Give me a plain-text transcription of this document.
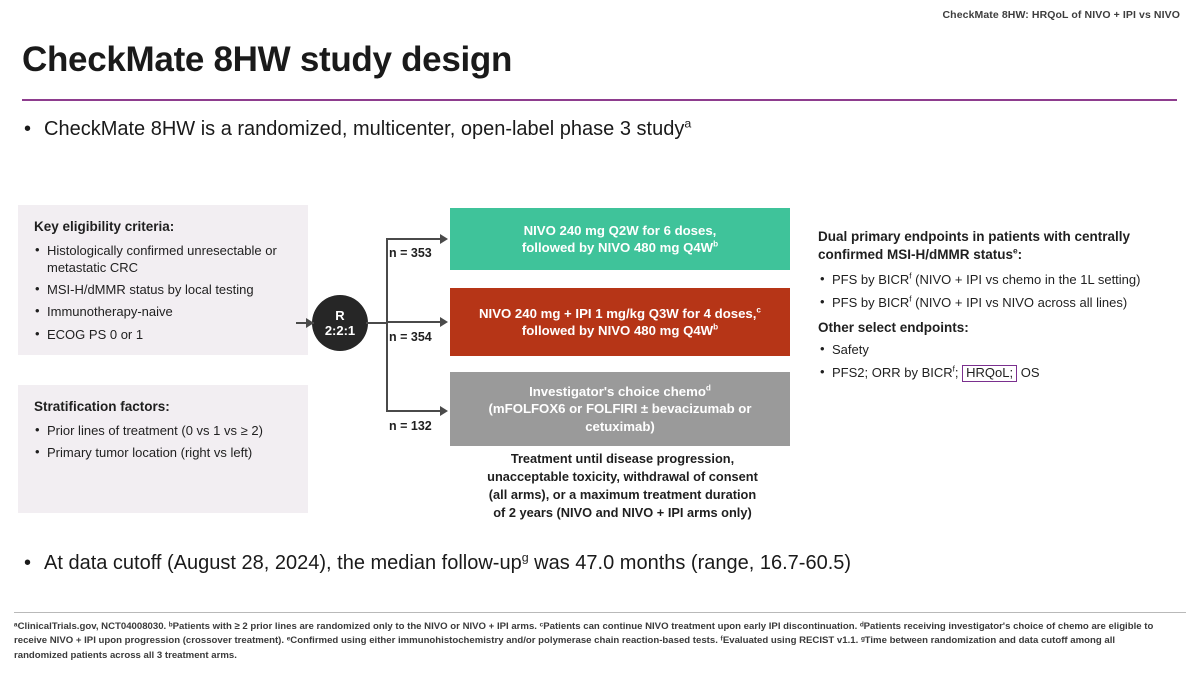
CheckMate 8HW: HRQoL of NIVO + IPI vs NIVO
CheckMate 8HW study design
• CheckMate 8HW is a randomized, multicenter, open-label phase 3 study$^a$
Key eligibility criteria:
• Histologically confirmed unresectable or metastatic CRC
• MSI-H/dMMR status by local testing
• Immunotherapy-naive
• ECOG PS 0 or 1
Stratification factors:
• Prior lines of treatment (0 vs 1 vs ≥ 2)
• Primary tumor location (right vs left)
R
2:2:1
n = 353
n = 354
n = 132
NIVO 240 mg Q2W for 6 doses,
followed by NIVO 480 mg $Q4W^b$
NIVO 240 mg + IPI 1 mg/kg Q3W for 4 doses,$^c$
followed by NIVO 480 mg $Q4W^b$
Investigator's choice chemo$^d$
(mFOLFOX6 or FOLFIRI ± bevacizumab or cetuximab)
Treatment until disease progression,
unacceptable toxicity, withdrawal of consent
(all arms), or a maximum treatment duration
of 2 years (NIVO and NIVO + IPI arms only)
Dual primary endpoints in patients with centrally confirmed MSI-H/dMMR status$^e$:
• PFS by BICR$^f$ (NIVO + IPI vs chemo in the 1L setting)
• PFS by BICR$^f$ (NIVO + IPI vs NIVO across all lines)
Other select endpoints:
• Safety
• PFS2; ORR by BICR$^f$; HRQoL; OS
• At data cutoff (August 28, 2024), the median follow-$up^g$ was 47.0 months (range, 16.7-60.5)
ᵃClinicalTrials.gov, NCT04008030. ᵇPatients with ≥ 2 prior lines are randomized only to the NIVO or NIVO + IPI arms. ᶜPatients can continue NIVO treatment upon early IPI discontinuation. ᵈPatients receiving investigator's choice of chemo are eligible to receive NIVO + IPI upon progression (crossover treatment). ᵉConfirmed using either immunohistochemistry and/or polymerase chain reaction-based tests. ᶠEvaluated using RECIST v1.1. ᵍTime between randomization and data cutoff among all randomized patients across all 3 treatment arms.
